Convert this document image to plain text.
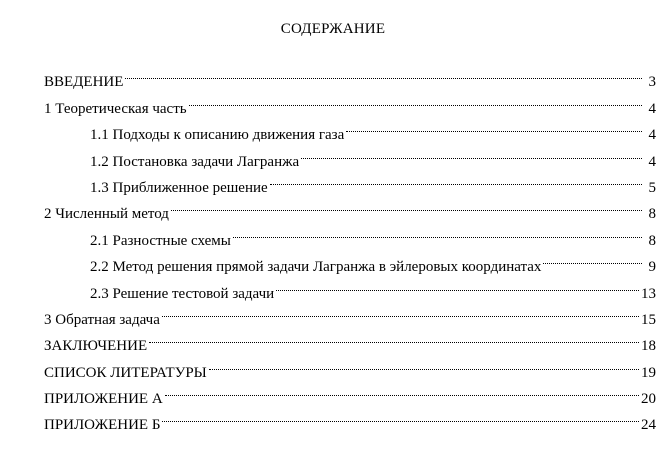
СОДЕРЖАНИЕ
ВВЕДЕНИЕ	3
1 Теоретическая часть	4
1.1 Подходы к описанию движения газа	4
1.2 Постановка задачи Лагранжа	4
1.3 Приближенное решение	5
2 Численный метод	8
2.1 Разностные схемы	8
2.2 Метод решения прямой задачи Лагранжа в эйлеровых координатах	9
2.3 Решение тестовой задачи	13
3 Обратная задача	15
ЗАКЛЮЧЕНИЕ	18
СПИСОК ЛИТЕРАТУРЫ	19
ПРИЛОЖЕНИЕ А	20
ПРИЛОЖЕНИЕ Б	24
